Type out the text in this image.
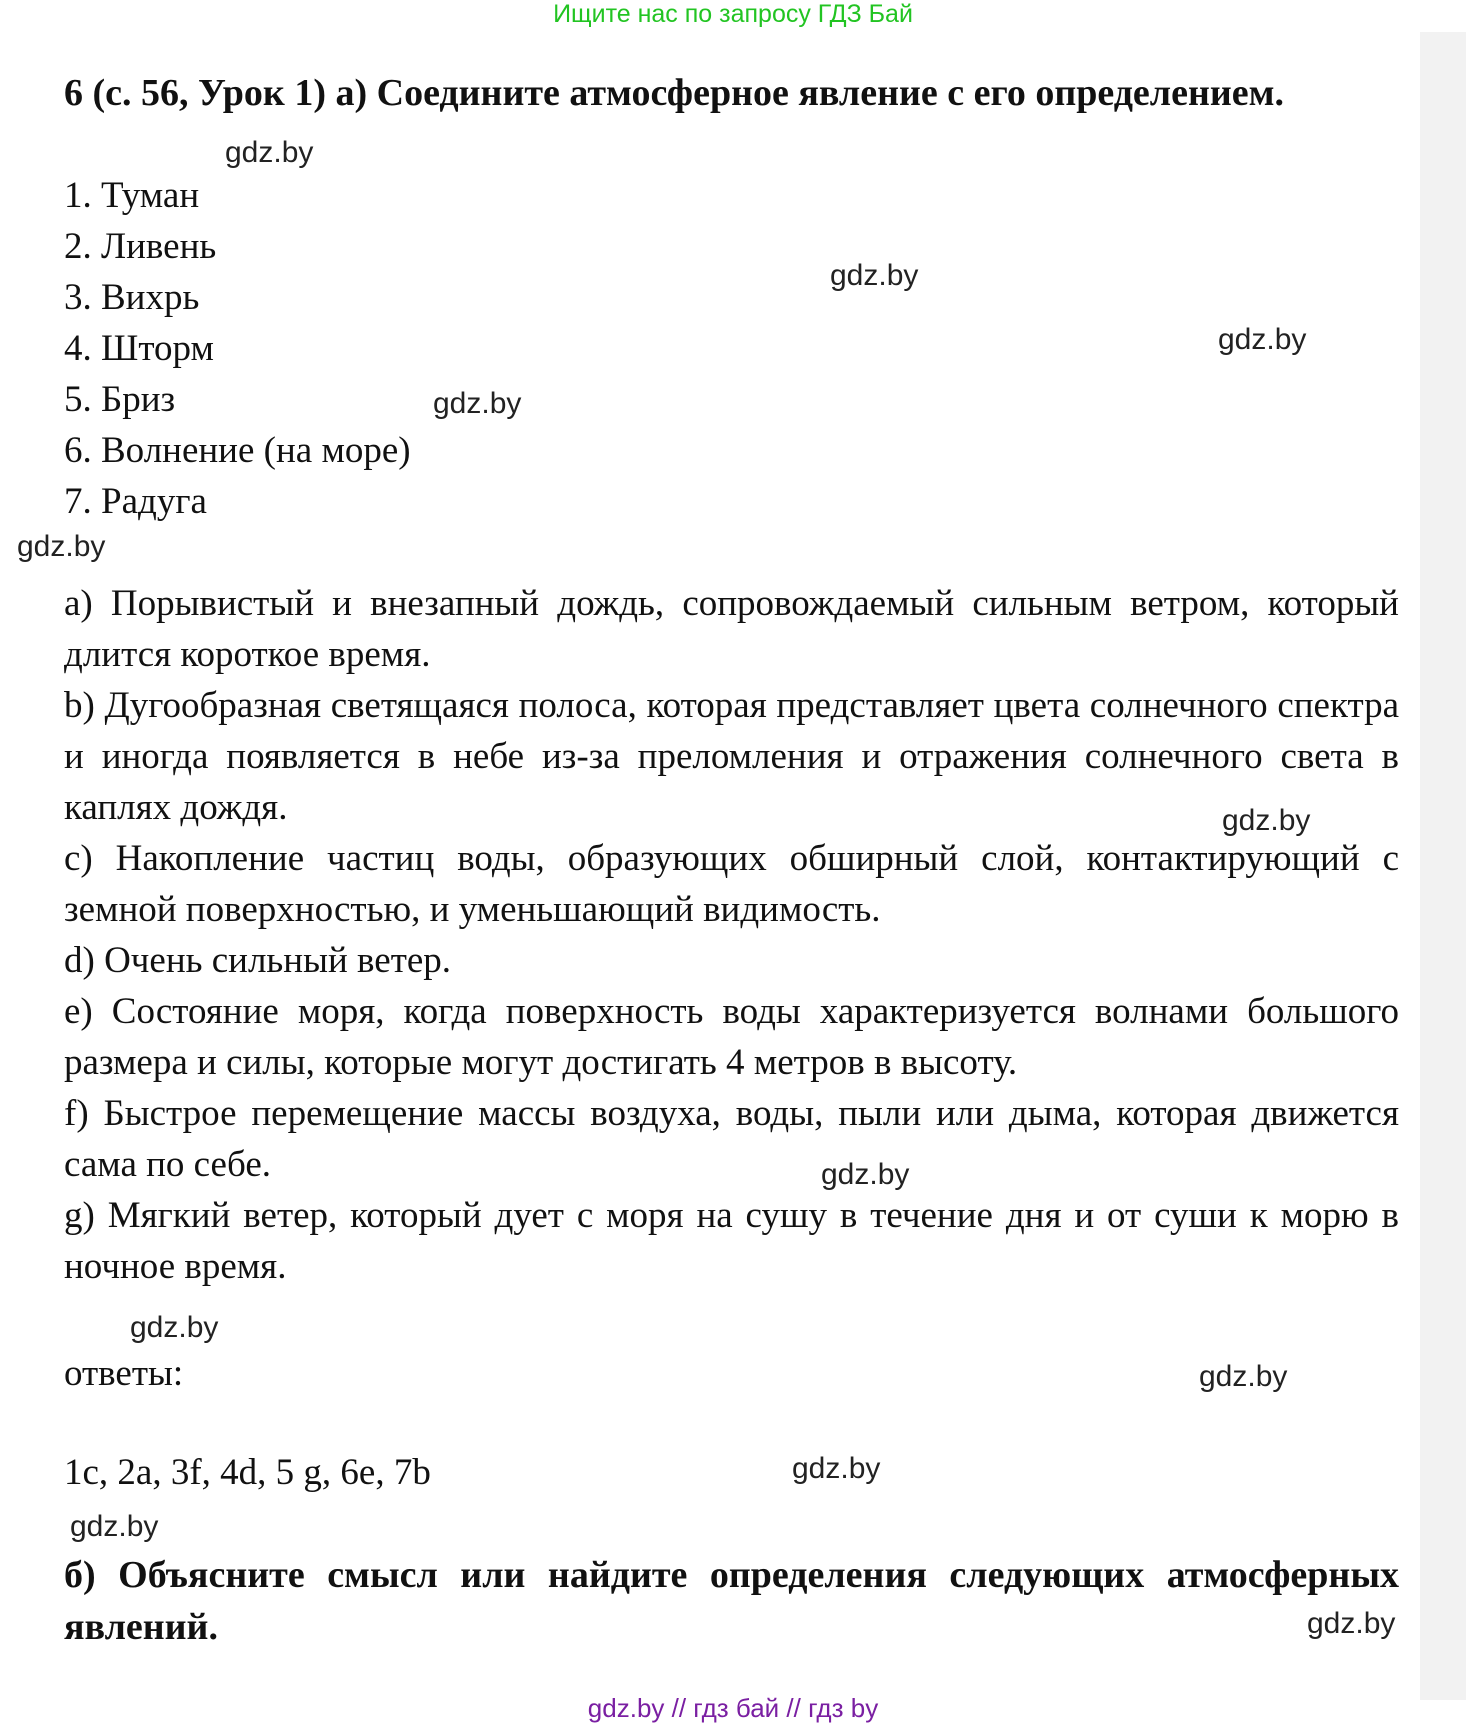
Ищите нас по запросу ГДЗ Бай

6 (с. 56, Урок 1) а) Соедините атмосферное явление с его определением.

1. Туман
2. Ливень
3. Вихрь
4. Шторм
5. Бриз
6. Волнение (на море)
7. Радуга

a) Порывистый и внезапный дождь, сопровождаемый сильным ветром, который длится короткое время.

b) Дугообразная светящаяся полоса, которая представляет цвета солнечного спектра и иногда появляется в небе из-за преломления и отражения солнечного света в каплях дождя.

c) Накопление частиц воды, образующих обширный слой, контактирующий с земной поверхностью, и уменьшающий видимость.

d) Очень сильный ветер.

e) Состояние моря, когда поверхность воды характеризуется волнами большого размера и силы, которые могут достигать 4 метров в высоту.

f) Быстрое перемещение массы воздуха, воды, пыли или дыма, которая движется сама по себе.

g) Мягкий ветер, который дует с моря на сушу в течение дня и от суши к морю в ночное время.

ответы:
1c, 2a, 3f, 4d, 5 g, 6e, 7b

б) Объясните смысл или найдите определения следующих атмосферных явлений.

gdz.by
gdz.by
gdz.by
gdz.by
gdz.by
gdz.by
gdz.by
gdz.by
gdz.by
gdz.by
gdz.by
gdz.by
gdz.by // гдз бай // гдз by
